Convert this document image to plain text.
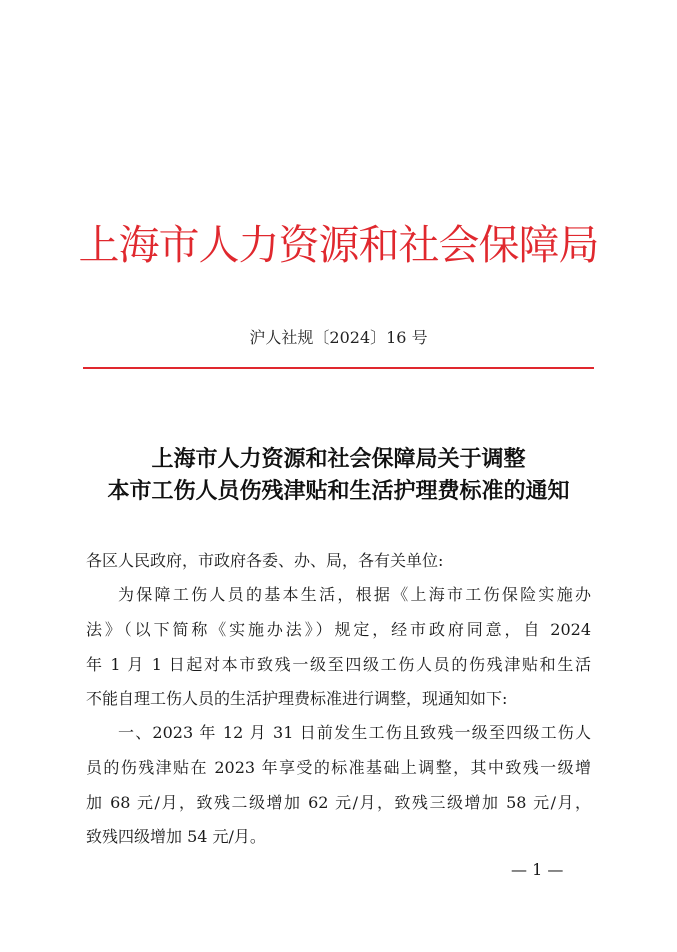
上海市人力资源和社会保障局
沪人社规〔2024〕16 号
上海市人力资源和社会保障局关于调整
本市工伤人员伤残津贴和生活护理费标准的通知
各区人民政府，市政府各委、办、局，各有关单位:
为保障工伤人员的基本生活，根据《上海市工伤保险实施办
法》（以下简称《实施办法》）规定，经市政府同意，自 2024
年 1 月 1 日起对本市致残一级至四级工伤人员的伤残津贴和生活
不能自理工伤人员的生活护理费标准进行调整，现通知如下:
一、2023 年 12 月 31 日前发生工伤且致残一级至四级工伤人
员的伤残津贴在 2023 年享受的标准基础上调整，其中致残一级增
加 68 元/月，致残二级增加 62 元/月，致残三级增加 58 元/月，
致残四级增加 54 元/月。
— 1 —
